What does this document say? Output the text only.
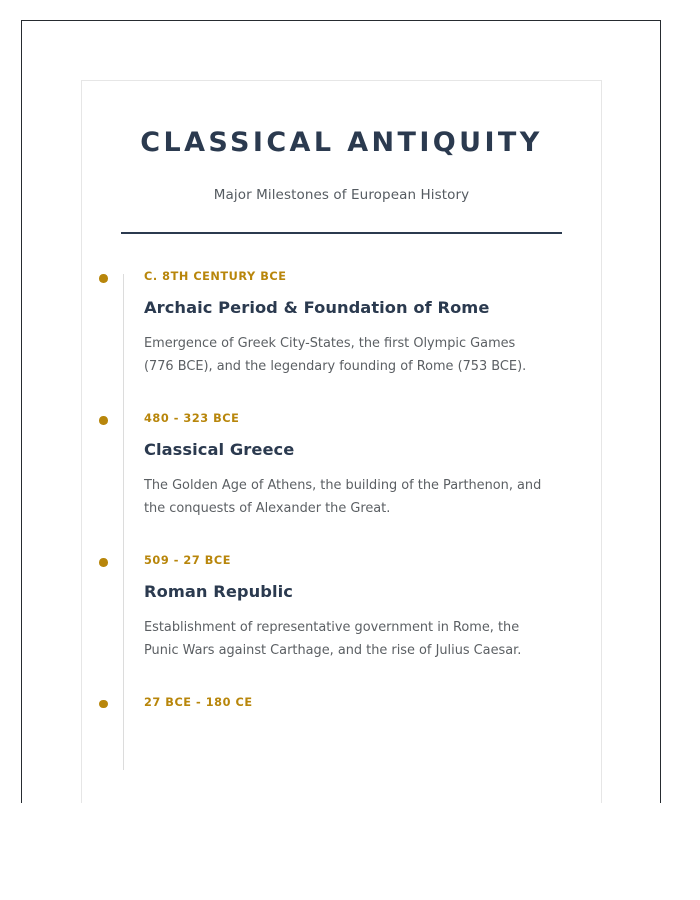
CLASSICAL ANTIQUITY
Major Milestones of European History
C. 8TH CENTURY BCE
Archaic Period & Foundation of Rome
Emergence of Greek City-States, the first Olympic Games (776 BCE), and the legendary founding of Rome (753 BCE).
480 - 323 BCE
Classical Greece
The Golden Age of Athens, the building of the Parthenon, and the conquests of Alexander the Great.
509 - 27 BCE
Roman Republic
Establishment of representative government in Rome, the Punic Wars against Carthage, and the rise of Julius Caesar.
27 BCE - 180 CE
